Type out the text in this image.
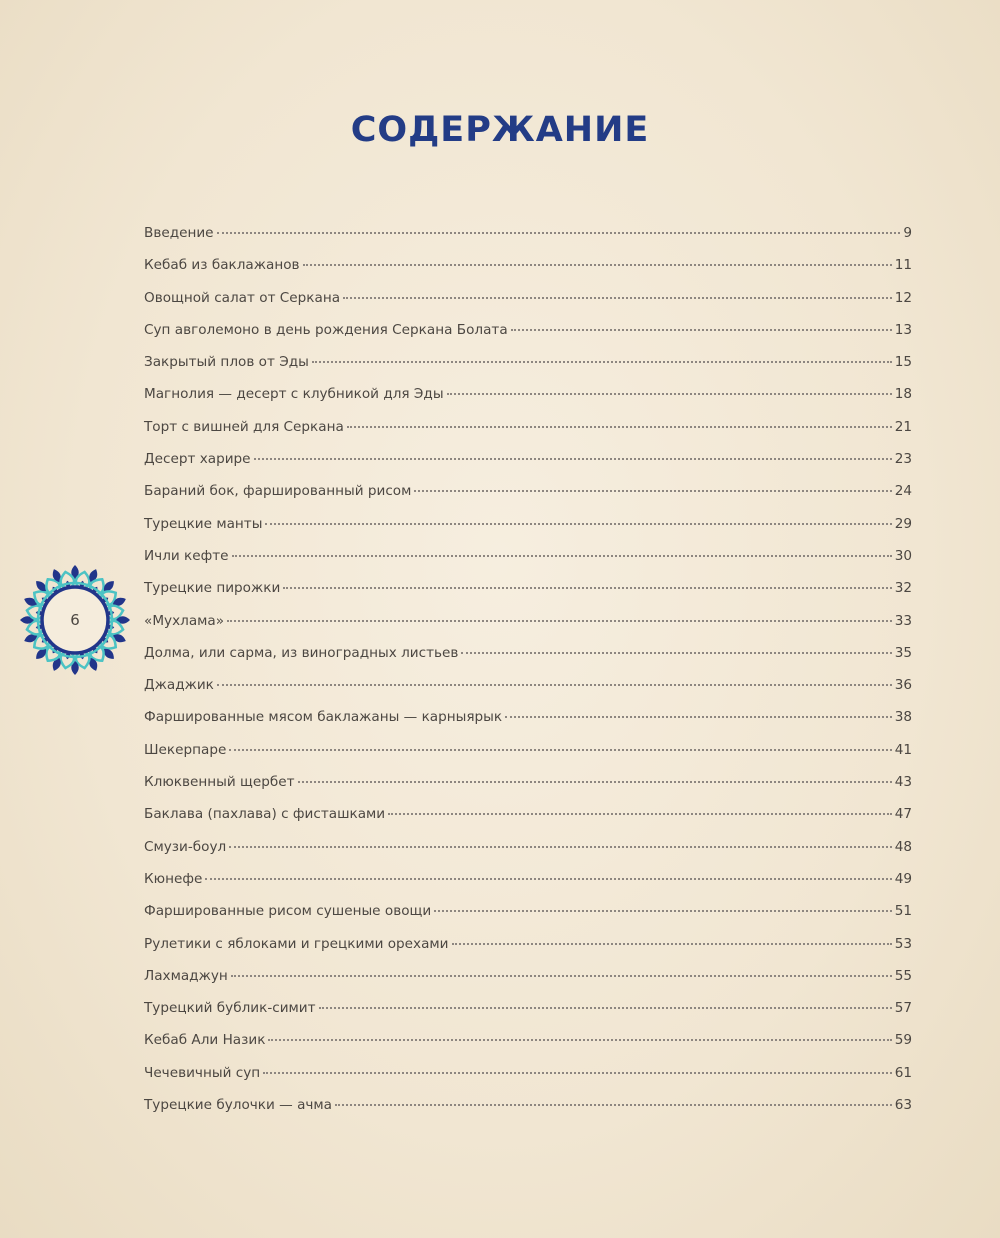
СОДЕРЖАНИЕ
6
Введение	9
Кебаб из баклажанов	11
Овощной салат от Серкана	12
Суп авголемоно в день рождения Серкана Болата	13
Закрытый плов от Эды	15
Магнолия — десерт с клубникой для Эды	18
Торт с вишней для Серкана	21
Десерт харире	23
Бараний бок, фаршированный рисом	24
Турецкие манты	29
Ичли кефте	30
Турецкие пирожки	32
«Мухлама»	33
Долма, или сарма, из виноградных листьев	35
Джаджик	36
Фаршированные мясом баклажаны — карныярык	38
Шекерпаре	41
Клюквенный щербет	43
Баклава (пахлава) с фисташками	47
Смузи-боул	48
Кюнефе	49
Фаршированные рисом сушеные овощи	51
Рулетики с яблоками и грецкими орехами	53
Лахмаджун	55
Турецкий бублик-симит	57
Кебаб Али Назик	59
Чечевичный суп	61
Турецкие булочки — ачма	63
